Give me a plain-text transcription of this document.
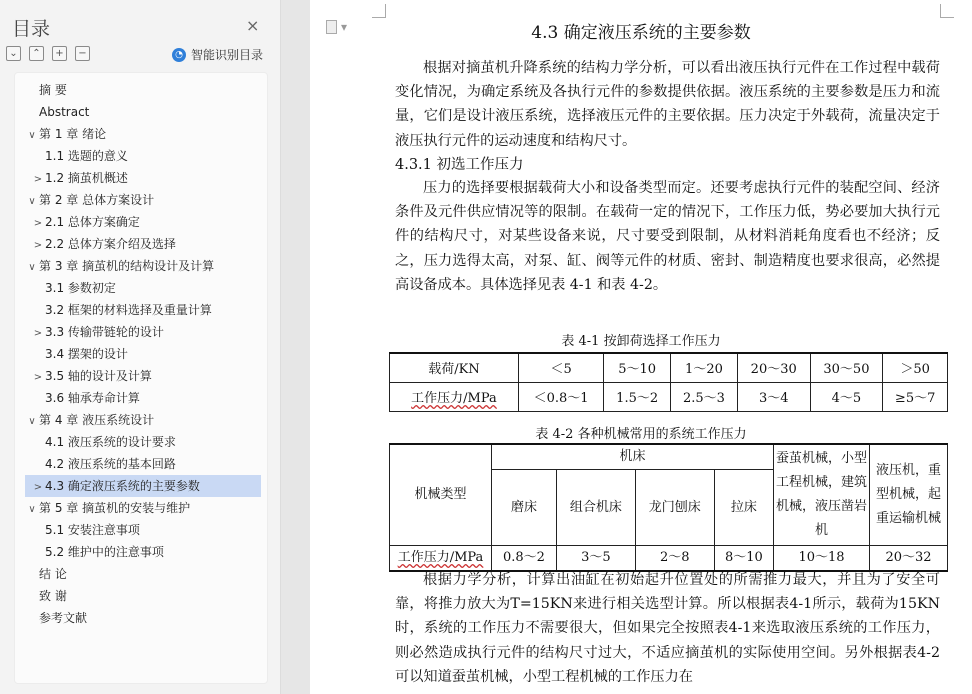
目录	×
⌄	⌃	+	−	◔ 智能识别目录
摘 要
Abstract
∨ 第 1 章 绪论
1.1 选题的意义
> 1.2 摘茧机概述
∨ 第 2 章 总体方案设计
> 2.1 总体方案确定
> 2.2 总体方案介绍及选择
∨ 第 3 章 摘茧机的结构设计及计算
3.1 参数初定
3.2 框架的材料选择及重量计算
> 3.3 传输带链轮的设计
3.4 摆架的设计
> 3.5 轴的设计及计算
3.6 轴承寿命计算
∨ 第 4 章 液压系统设计
4.1 液压系统的设计要求
4.2 液压系统的基本回路
> 4.3 确定液压系统的主要参数
∨ 第 5 章 摘茧机的安装与维护
5.1 安装注意事项
5.2 维护中的注意事项
结 论
致 谢
参考文献
▾	4.3 确定液压系统的主要参数
根据对摘茧机升降系统的结构力学分析，可以看出液压执行元件在工作过程中载荷变化情况，为确定系统及各执行元件的参数提供依据。液压系统的主要参数是压力和流量，它们是设计液压系统，选择液压元件的主要依据。压力决定于外载荷，流量决定于液压执行元件的运动速度和结构尺寸。
4.3.1 初选工作压力
压力的选择要根据载荷大小和设备类型而定。还要考虑执行元件的装配空间、经济条件及元件供应情况等的限制。在载荷一定的情况下，工作压力低，势必要加大执行元件的结构尺寸，对某些设备来说，尺寸要受到限制，从材料消耗角度看也不经济；反之，压力选得太高，对泵、缸、阀等元件的材质、密封、制造精度也要求很高，必然提高设备成本。具体选择见表 4-1 和表 4-2。
表 4-1 按卸荷选择工作压力
载荷/KN	＜5	5～10	1～20	20～30	30～50	＞50
工作压力/MPa	＜0.8～1	1.5～2	2.5～3	3～4	4～5	≥5～7
表 4-2 各种机械常用的系统工作压力
机械类型	机床				蚕茧机械，小型工程机械，建筑机械，液压凿岩机	液压机，重型机械，起重运输机械
	磨床	组合机床	龙门刨床	拉床		
工作压力/MPa	0.8～2	3～5	2～8	8～10	10～18	20～32
根据力学分析，计算出油缸在初始起升位置处的所需推力最大，并且为了安全可靠，将推力放大为T=15KN来进行相关选型计算。所以根据表4-1所示，载荷为15KN时，系统的工作压力不需要很大，但如果完全按照表4-1来选取液压系统的工作压力，则必然造成执行元件的结构尺寸过大，不适应摘茧机的实际使用空间。另外根据表4-2可以知道蚕茧机械，小型工程机械的工作压力在
